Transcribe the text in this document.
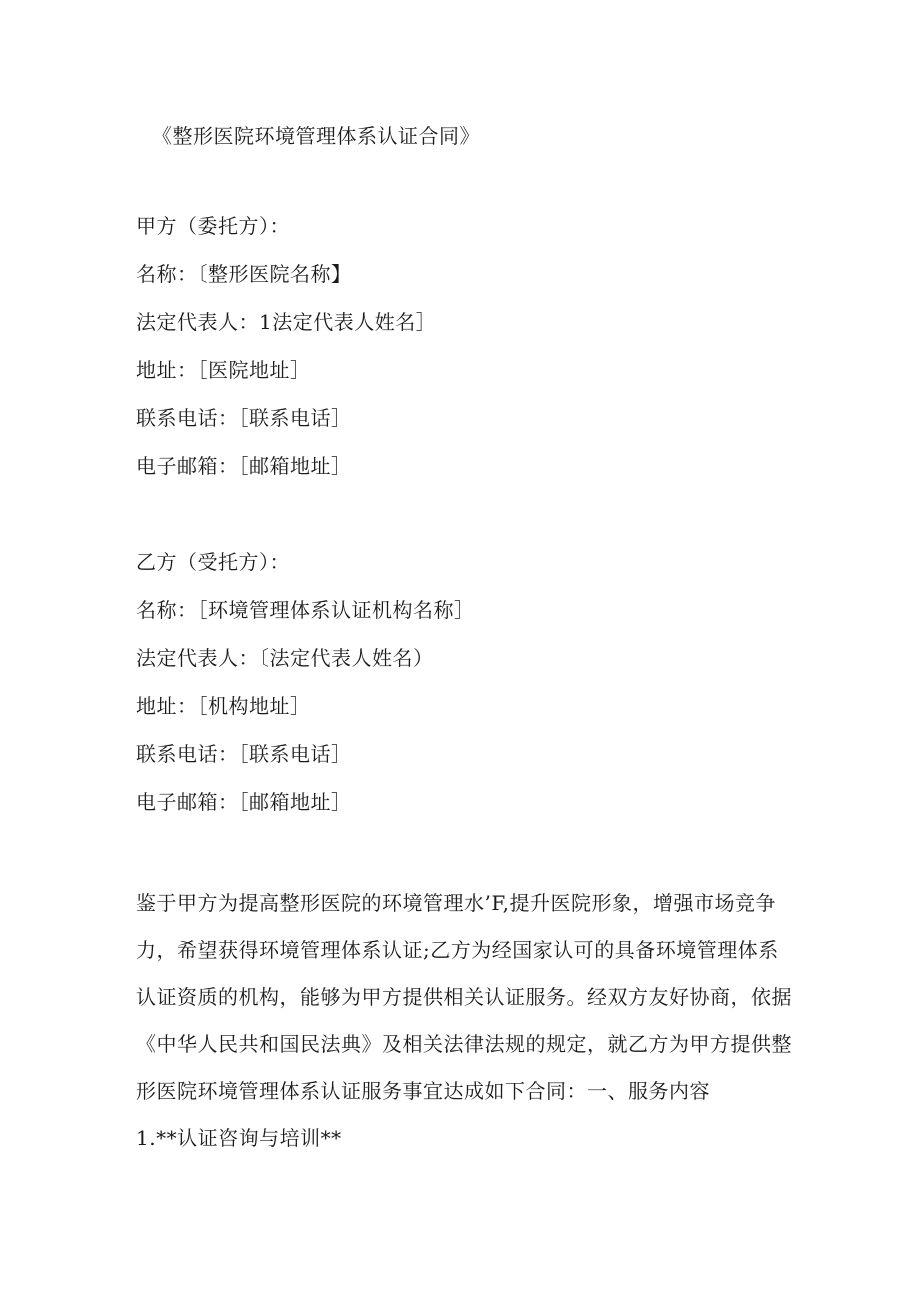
《整形医院环境管理体系认证合同》
甲方（委托方）：
名称：〔整形医院名称】
法定代表人：1法定代表人姓名］
地址：［医院地址］
联系电话：［联系电话］
电子邮箱：［邮箱地址］
乙方（受托方）：
名称：［环境管理体系认证机构名称］
法定代表人：〔法定代表人姓名）
地址：［机构地址］
联系电话：［联系电话］
电子邮箱：［邮箱地址］
鉴于甲方为提高整形医院的环境管理水’F,提升医院形象，增强市场竞争
力，希望获得环境管理体系认证;乙方为经国家认可的具备环境管理体系
认证资质的机构，能够为甲方提供相关认证服务。经双方友好协商，依据
《中华人民共和国民法典》及相关法律法规的规定，就乙方为甲方提供整
形医院环境管理体系认证服务事宜达成如下合同：一、服务内容
1.**认证咨询与培训**
